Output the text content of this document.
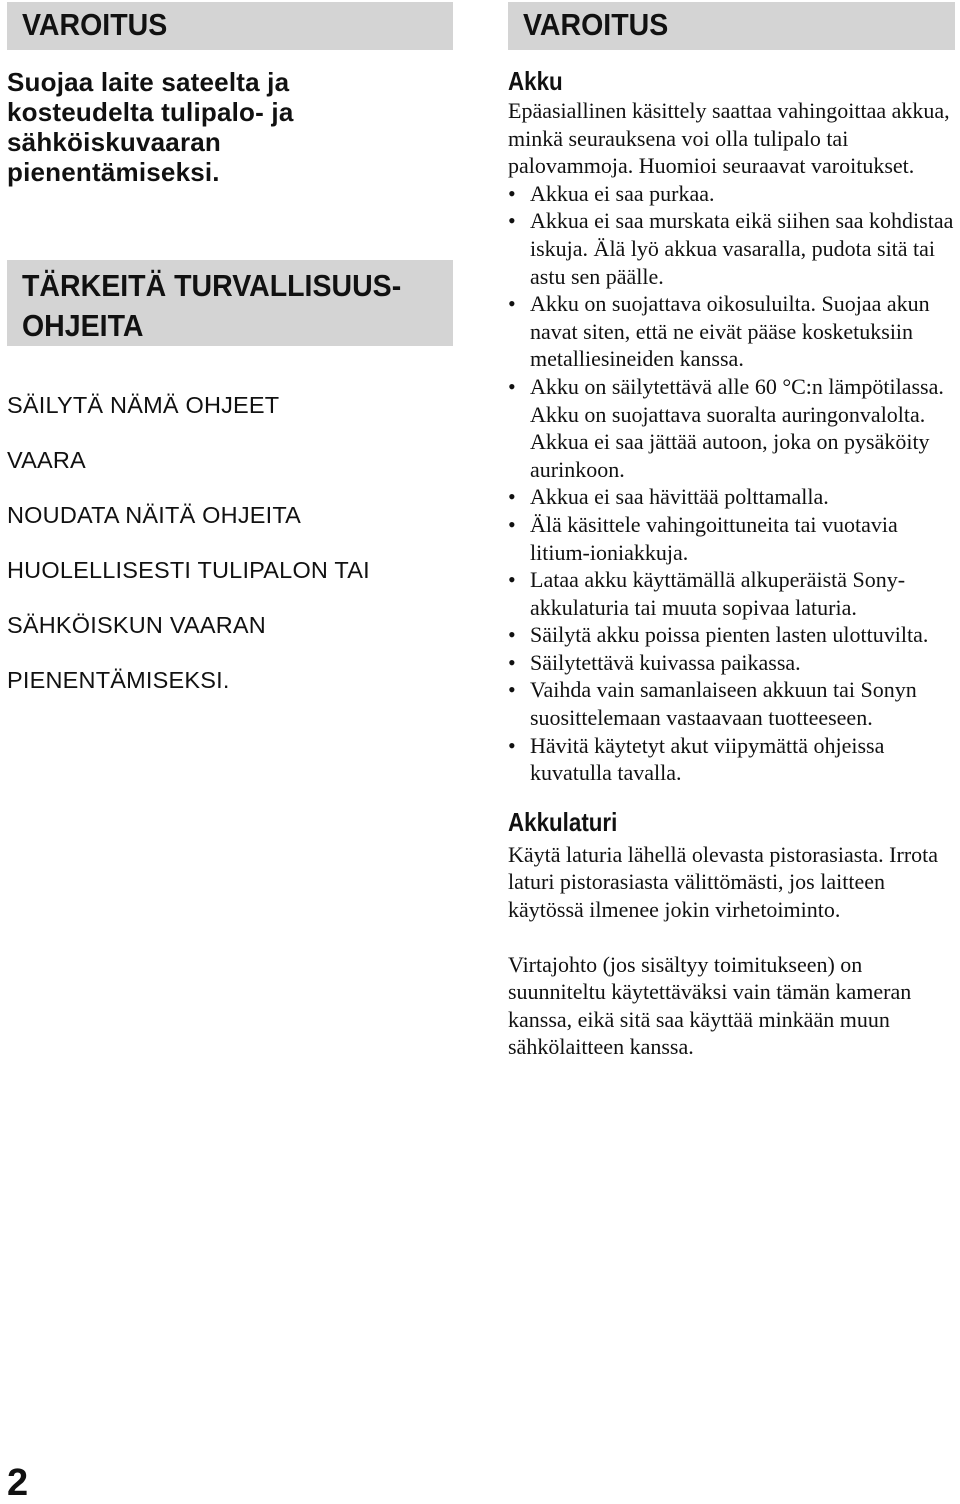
VAROITUS
Suojaa laite sateelta ja
kosteudelta tulipalo- ja
sähköiskuvaaran
pienentämiseksi.
TÄRKEITÄ TURVALLISUUS-
OHJEITA

SÄILYTÄ NÄMÄ OHJEET

VAARA

NOUDATA NÄITÄ OHJEITA

HUOLELLISESTI TULIPALON TAI

SÄHKÖISKUN VAARAN

PIENENTÄMISEKSI.

VAROITUS
Akku

Epäasiallinen käsittely saattaa vahingoittaa akkua, minkä seurauksena voi olla tulipalo tai palovammoja. Huomioi seuraavat varoitukset.

• Akkua ei saa purkaa.
• Akkua ei saa murskata eikä siihen saa kohdistaa iskuja. Älä lyö akkua vasaralla, pudota sitä tai astu sen päälle.
• Akku on suojattava oikosuluilta. Suojaa akun navat siten, että ne eivät pääse kosketuksiin metalliesineiden kanssa.
• Akku on säilytettävä alle 60 °C:n lämpötilassa. Akku on suojattava suoralta auringonvalolta. Akkua ei saa jättää autoon, joka on pysäköity aurinkoon.
• Akkua ei saa hävittää polttamalla.
• Älä käsittele vahingoittuneita tai vuotavia litium-ioniakkuja.
• Lataa akku käyttämällä alkuperäistä Sony-akkulaturia tai muuta sopivaa laturia.
• Säilytä akku poissa pienten lasten ulottuvilta.
• Säilytettävä kuivassa paikassa.
• Vaihda vain samanlaiseen akkuun tai Sonyn suosittelemaan vastaavaan tuotteeseen.
• Hävitä käytetyt akut viipymättä ohjeissa kuvatulla tavalla.
Akkulaturi

Käytä laturia lähellä olevasta pistorasiasta. Irrota laturi pistorasiasta välittömästi, jos laitteen käytössä ilmenee jokin virhetoiminto.

Virtajohto (jos sisältyy toimitukseen) on suunniteltu käytettäväksi vain tämän kameran kanssa, eikä sitä saa käyttää minkään muun sähkölaitteen kanssa.

2
